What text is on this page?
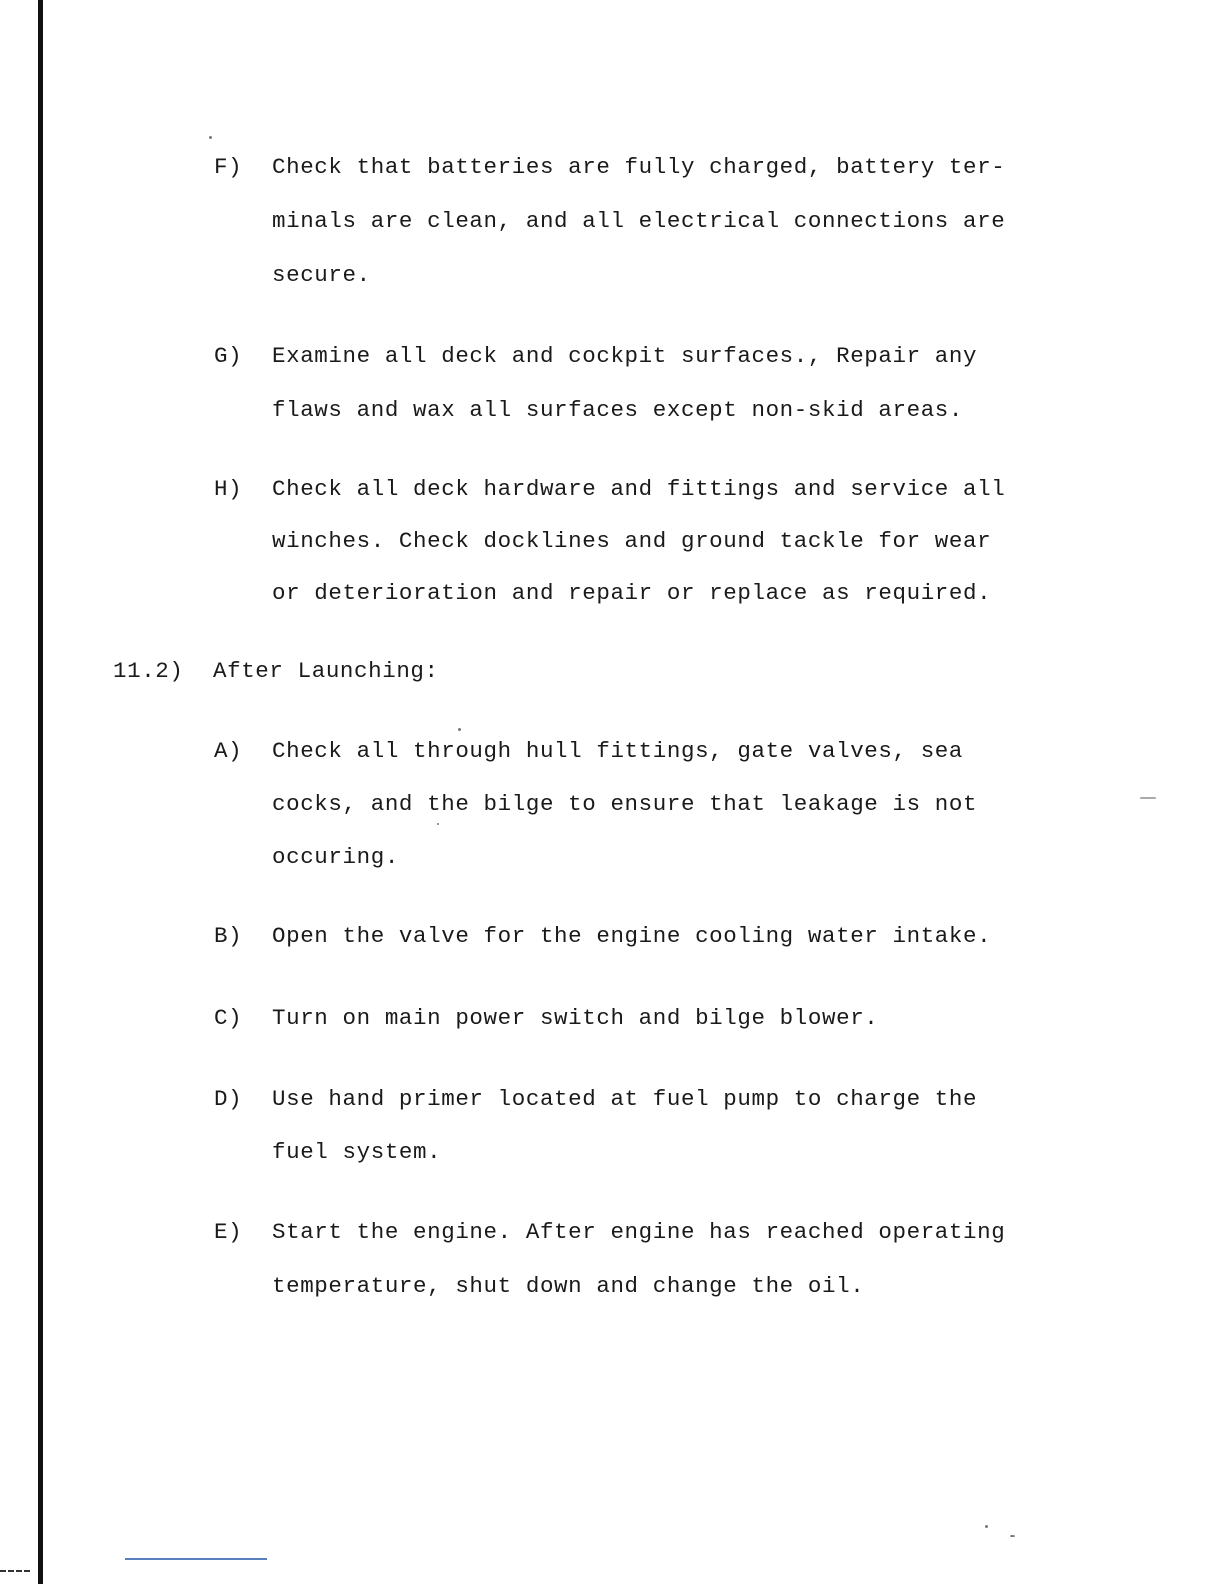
F) Check that batteries are fully charged, battery ter-
minals are clean, and all electrical connections are
secure.
G) Examine all deck and cockpit surfaces., Repair any
flaws and wax all surfaces except non-skid areas.
H) Check all deck hardware and fittings and service all
winches. Check docklines and ground tackle for wear
or deterioration and repair or replace as required.
11.2) After Launching:
A) Check all through hull fittings, gate valves, sea
cocks, and the bilge to ensure that leakage is not
occuring.
B) Open the valve for the engine cooling water intake.
C) Turn on main power switch and bilge blower.
D) Use hand primer located at fuel pump to charge the
fuel system.
E) Start the engine. After engine has reached operating
temperature, shut down and change the oil.
